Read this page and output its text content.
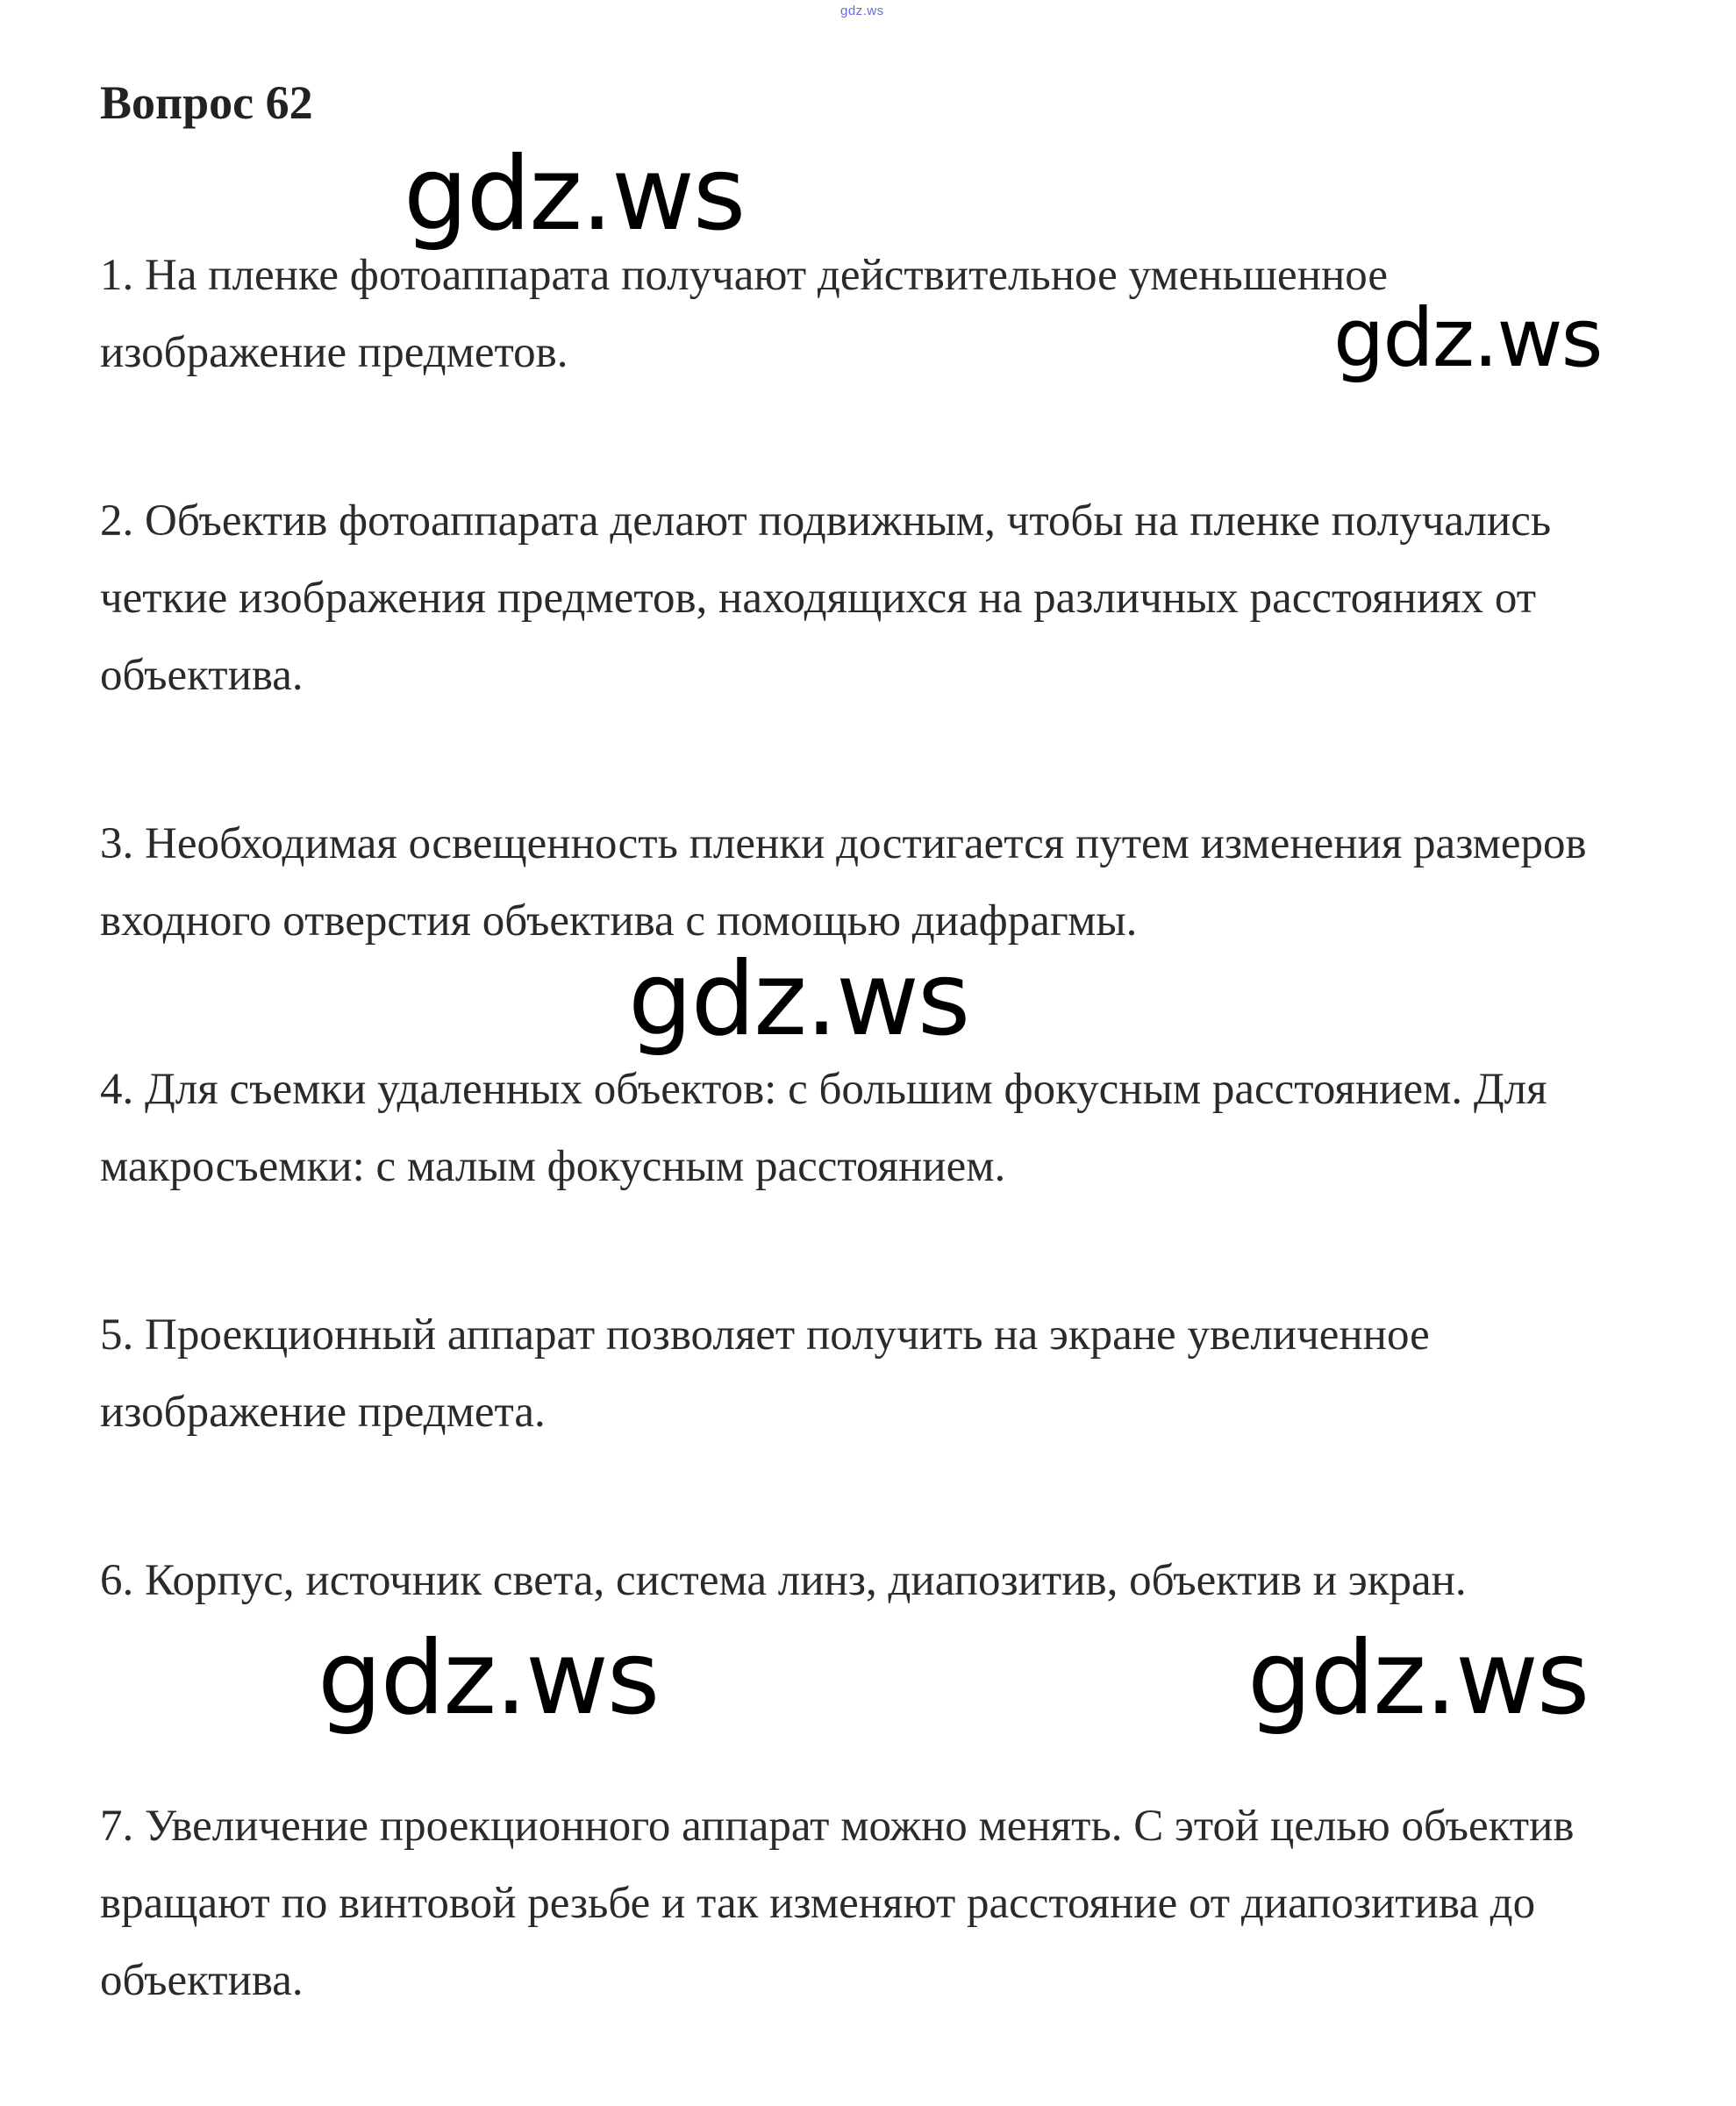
gdz.ws
Вопрос 62
1. На пленке фотоаппарата получают действительное уменьшенное изображение предметов.
2. Объектив фотоаппарата делают подвижным, чтобы на пленке получались четкие изображения предметов, находящихся на различных расстояниях от объектива.
3. Необходимая освещенность пленки достигается путем изменения размеров входного отверстия объектива с помощью диафрагмы.
4. Для съемки удаленных объектов: с большим фокусным расстоянием. Для макросъемки: с малым фокусным расстоянием.
5. Проекционный аппарат позволяет получить на экране увеличенное изображение предмета.
6. Корпус, источник света, система линз, диапозитив, объектив и экран.
7. Увеличение проекционного аппарат можно менять. С этой целью объектив вращают по винтовой резьбе и так изменяют расстояние от диапозитива до объектива.
gdz.ws
gdz.ws
gdz.ws
gdz.ws	gdz.ws
